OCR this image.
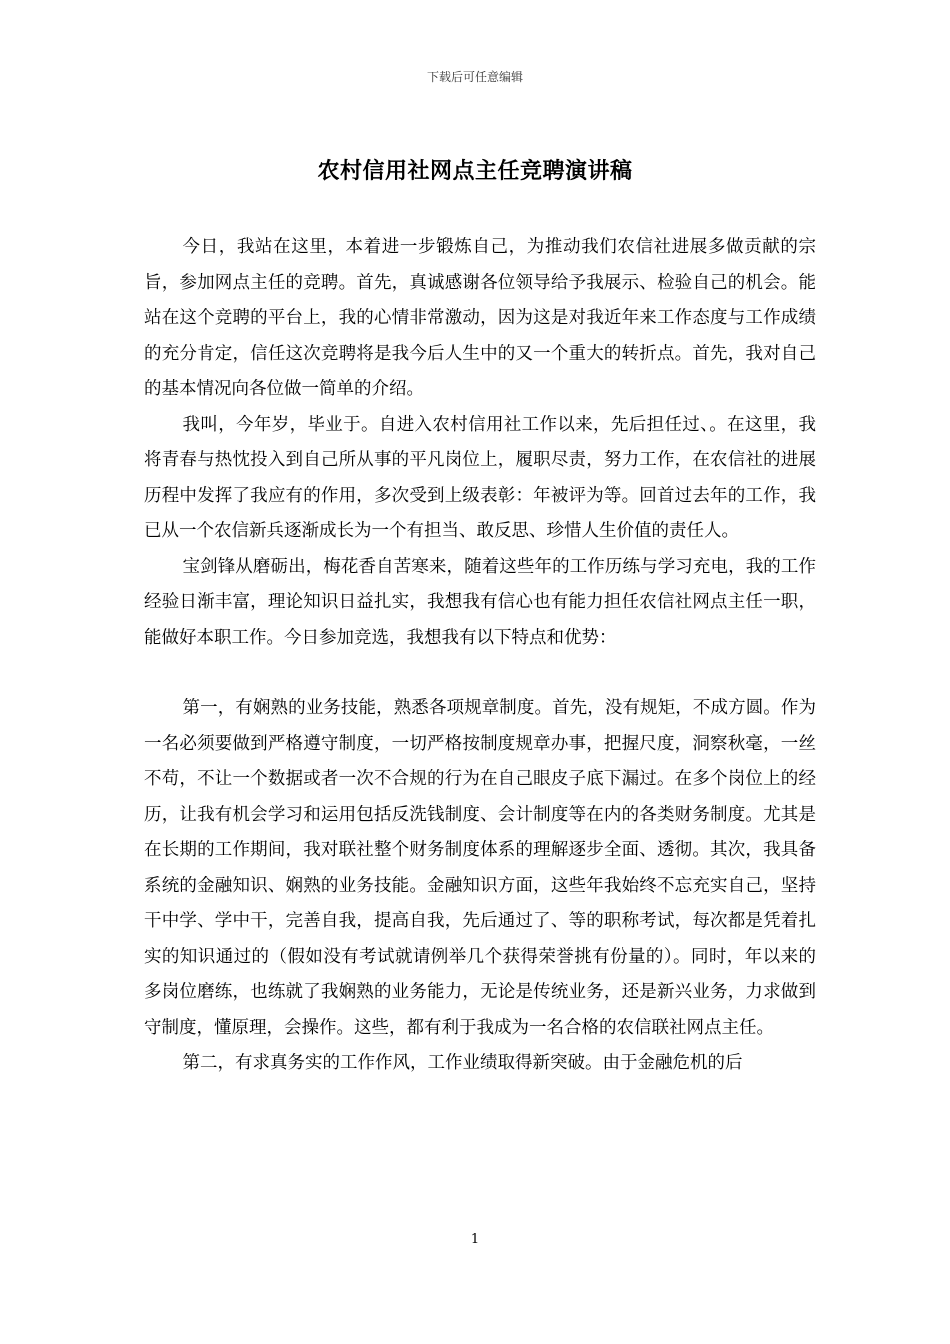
下载后可任意编辑
农村信用社网点主任竞聘演讲稿

今日，我站在这里，本着进一步锻炼自己，为推动我们农信社进展多做贡献的宗旨，参加网点主任的竞聘。首先，真诚感谢各位领导给予我展示、检验自己的机会。能站在这个竞聘的平台上，我的心情非常激动，因为这是对我近年来工作态度与工作成绩的充分肯定，信任这次竞聘将是我今后人生中的又一个重大的转折点。首先，我对自己的基本情况向各位做一简单的介绍。

我叫，今年岁，毕业于。自进入农村信用社工作以来，先后担任过、。在这里，我将青春与热忱投入到自己所从事的平凡岗位上，履职尽责，努力工作，在农信社的进展历程中发挥了我应有的作用，多次受到上级表彰：年被评为等。回首过去年的工作，我已从一个农信新兵逐渐成长为一个有担当、敢反思、珍惜人生价值的责任人。

宝剑锋从磨砺出，梅花香自苦寒来，随着这些年的工作历练与学习充电，我的工作经验日渐丰富，理论知识日益扎实，我想我有信心也有能力担任农信社网点主任一职，能做好本职工作。今日参加竞选，我想我有以下特点和优势：

第一，有娴熟的业务技能，熟悉各项规章制度。首先，没有规矩，不成方圆。作为一名必须要做到严格遵守制度，一切严格按制度规章办事，把握尺度，洞察秋毫，一丝不苟，不让一个数据或者一次不合规的行为在自己眼皮子底下漏过。在多个岗位上的经历，让我有机会学习和运用包括反洗钱制度、会计制度等在内的各类财务制度。尤其是在长期的工作期间，我对联社整个财务制度体系的理解逐步全面、透彻。其次，我具备系统的金融知识、娴熟的业务技能。金融知识方面，这些年我始终不忘充实自己，坚持干中学、学中干，完善自我，提高自我，先后通过了、等的职称考试，每次都是凭着扎实的知识通过的（假如没有考试就请例举几个获得荣誉挑有份量的）。同时，年以来的多岗位磨练，也练就了我娴熟的业务能力，无论是传统业务，还是新兴业务，力求做到守制度，懂原理，会操作。这些，都有利于我成为一名合格的农信联社网点主任。

第二，有求真务实的工作作风，工作业绩取得新突破。由于金融危机的后

1
